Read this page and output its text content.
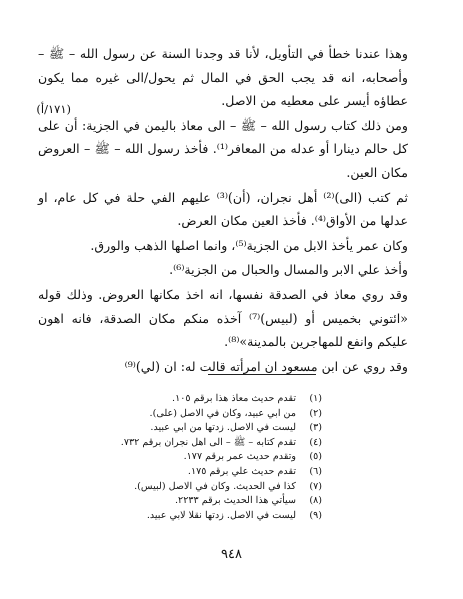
(١٧١/أ)

وهذا عندنا خطأ في التأويل، لأنا قد وجدنا السنة عن رسول الله – ﷺ – وأصحابه، انه قد يجب الحق في المال ثم يحول/الى غيره مما يكون عطاؤه أيسر على معطيه من الاصل.

ومن ذلك كتاب رسول الله – ﷺ – الى معاذ باليمن في الجزية: أن على كل حالم دينارا أو عدله من المعافر⁽¹⁾. فأخذ رسول الله – ﷺ – العروض مكان العين.

ثم كتب (الى)⁽²⁾ أهل نجران، (أن)⁽³⁾ عليهم الفي حلة في كل عام، او عدلها من الأواق⁽⁴⁾. فأخذ العين مكان العرض.

وكان عمر يأخذ الابل من الجزية⁽⁵⁾، وانما اصلها الذهب والورق.

وأخذ علي الابر والمسال والحبال من الجزية⁽⁶⁾.

وقد روي معاذ في الصدقة نفسها، انه اخذ مكانها العروض. وذلك قوله «ائتوني بخميس أو (لبيس)⁽⁷⁾ آخذه منكم مكان الصدقة، فانه اهون عليكم وانفع للمهاجرين بالمدينة»⁽⁸⁾.

وقد روي عن ابن مسعود ان امرأته قالت له: ان (لي)⁽⁹⁾

(١)
تقدم حديث معاذ هذا برقم ١٠٥.
(٢)
من ابي عبيد، وكان في الاصل (على).
(٣)
ليست في الاصل. زدتها من ابي عبيد.
(٤)
تقدم كتابه – ﷺ – الى اهل نجران برقم ٧٣٢.
(٥)
وتقدم حديث عمر برقم ١٧٧.
(٦)
تقدم حديث علي برقم ١٧٥.
(٧)
كذا في الحديث. وكان في الاصل (لبيس).
(٨)
سيأتي هذا الحديث برقم ٢٢٣٣.
(٩)
ليست في الاصل. زدتها نقلا لابي عبيد.
٩٤٨
